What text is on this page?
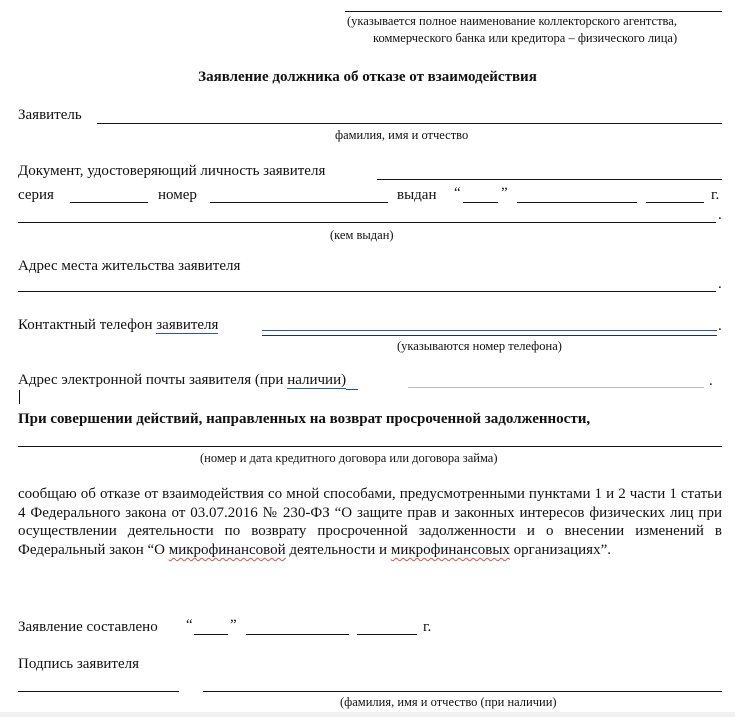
(указывается полное наименование коллекторского агентства,
коммерческого банка или кредитора – физического лица)
Заявление должника об отказе от взаимодействия
Заявитель
фамилия, имя и отчество
Документ, удостоверяющий личность заявителя
серия	номер	выдан “	”	г.
.
(кем выдан)
Адрес места жительства заявителя
.
Контактный телефон заявителя	.
(указываются номер телефона)
Адрес электронной почты заявителя (при наличии)	.
При совершении действий, направленных на возврат просроченной задолженности,
(номер и дата кредитного договора или договора займа)
сообщаю об отказе от взаимодействия со мной способами, предусмотренными пунктами 1 и 2 части 1 статьи 4 Федерального закона от 03.07.2016 № 230-ФЗ “О защите прав и законных интересов физических лиц при осуществлении деятельности по возврату просроченной задолженности и о внесении изменений в Федеральный закон “О микрофинансовой деятельности и микрофинансовых организациях”.
Заявление составлено “ ”	г.
Подпись заявителя
(фамилия, имя и отчество (при наличии)
